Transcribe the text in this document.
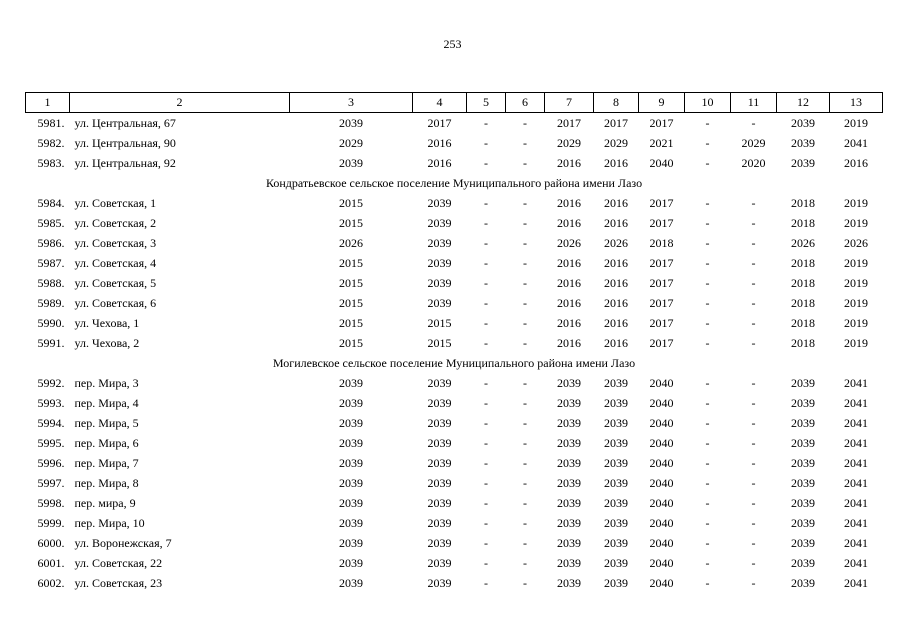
253
1	2	3	4	5	6	7	8	9	10	11	12	13
5981.	ул. Центральная, 67	2039	2017	-	-	2017	2017	2017	-	-	2039	2019
5982.	ул. Центральная, 90	2029	2016	-	-	2029	2029	2021	-	2029	2039	2041
5983.	ул. Центральная, 92	2039	2016	-	-	2016	2016	2040	-	2020	2039	2016
Кондратьевское сельское поселение Муниципального района имени Лазо												
5984.	ул. Советская, 1	2015	2039	-	-	2016	2016	2017	-	-	2018	2019
5985.	ул. Советская, 2	2015	2039	-	-	2016	2016	2017	-	-	2018	2019
5986.	ул. Советская, 3	2026	2039	-	-	2026	2026	2018	-	-	2026	2026
5987.	ул. Советская, 4	2015	2039	-	-	2016	2016	2017	-	-	2018	2019
5988.	ул. Советская, 5	2015	2039	-	-	2016	2016	2017	-	-	2018	2019
5989.	ул. Советская, 6	2015	2039	-	-	2016	2016	2017	-	-	2018	2019
5990.	ул. Чехова, 1	2015	2015	-	-	2016	2016	2017	-	-	2018	2019
5991.	ул. Чехова, 2	2015	2015	-	-	2016	2016	2017	-	-	2018	2019
Могилевское сельское поселение Муниципального района имени Лазо												
5992.	пер. Мира, 3	2039	2039	-	-	2039	2039	2040	-	-	2039	2041
5993.	пер. Мира, 4	2039	2039	-	-	2039	2039	2040	-	-	2039	2041
5994.	пер. Мира, 5	2039	2039	-	-	2039	2039	2040	-	-	2039	2041
5995.	пер. Мира, 6	2039	2039	-	-	2039	2039	2040	-	-	2039	2041
5996.	пер. Мира, 7	2039	2039	-	-	2039	2039	2040	-	-	2039	2041
5997.	пер. Мира, 8	2039	2039	-	-	2039	2039	2040	-	-	2039	2041
5998.	пер. мира, 9	2039	2039	-	-	2039	2039	2040	-	-	2039	2041
5999.	пер. Мира, 10	2039	2039	-	-	2039	2039	2040	-	-	2039	2041
6000.	ул. Воронежская, 7	2039	2039	-	-	2039	2039	2040	-	-	2039	2041
6001.	ул. Советская, 22	2039	2039	-	-	2039	2039	2040	-	-	2039	2041
6002.	ул. Советская, 23	2039	2039	-	-	2039	2039	2040	-	-	2039	2041
